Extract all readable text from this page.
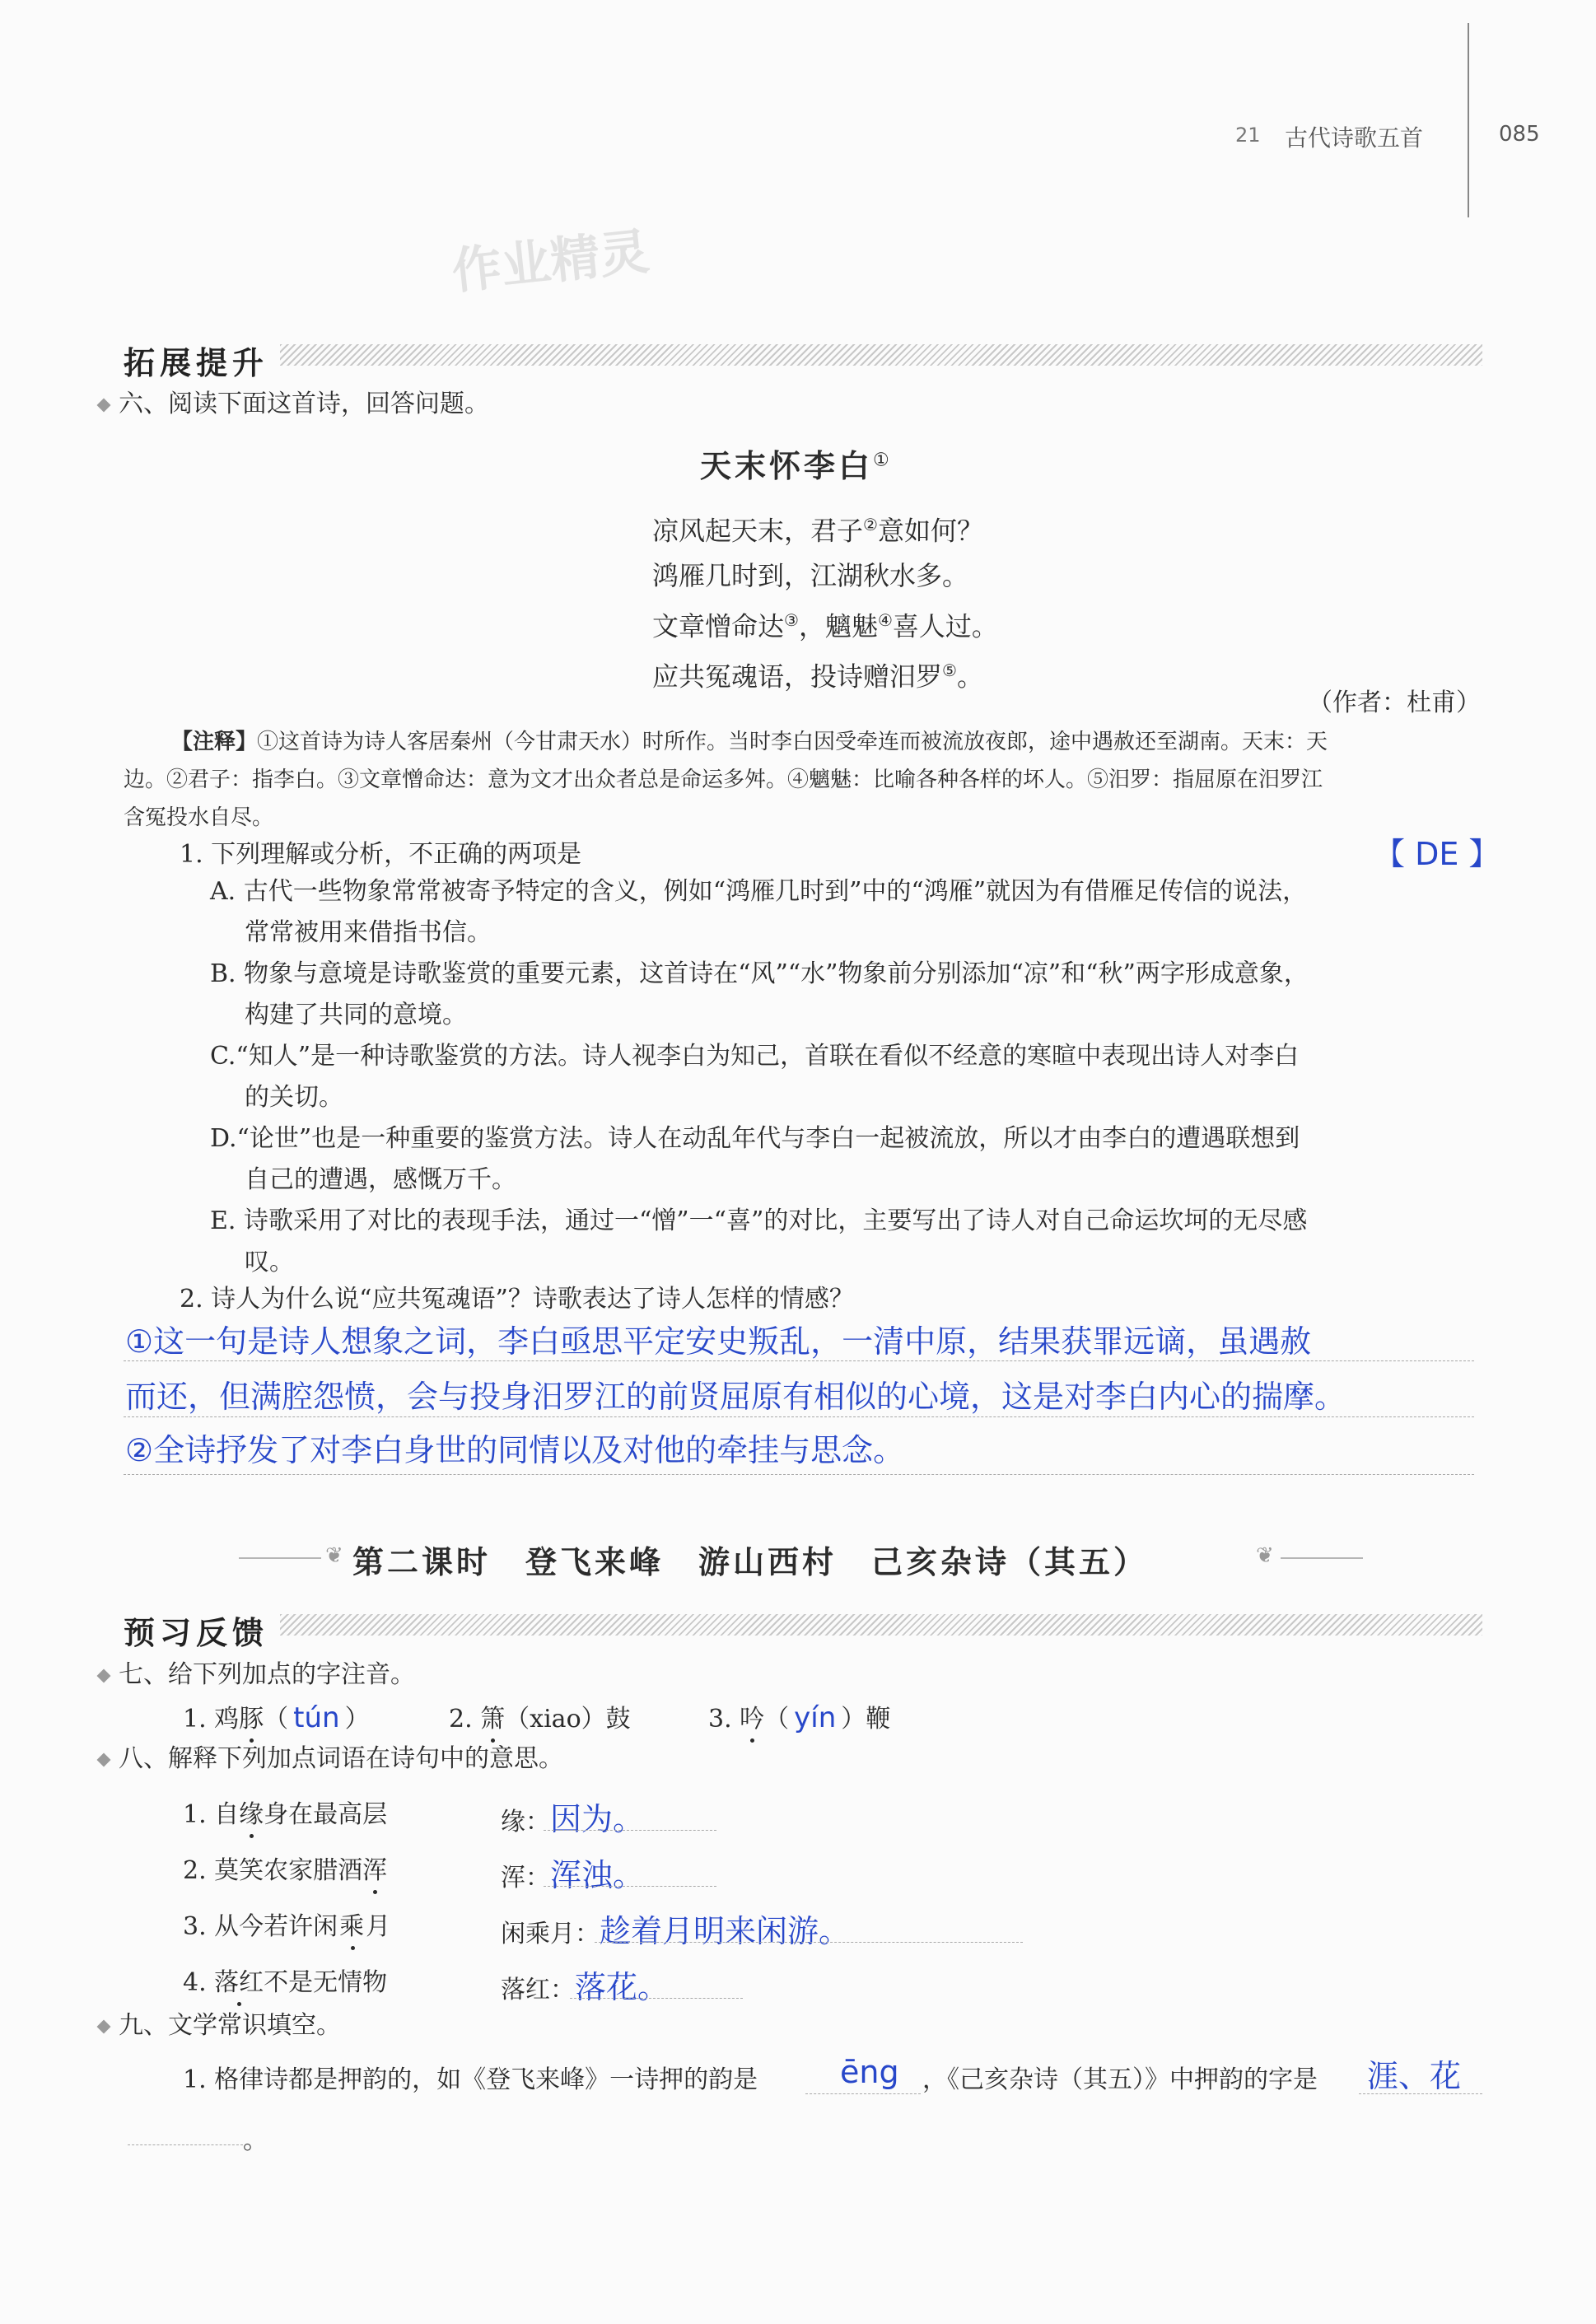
21 古代诗歌五首	085
作业精灵
拓展提升
六、阅读下面这首诗，回答问题。
天末怀李白①
凉风起天末，君子②意如何？
鸿雁几时到，江湖秋水多。
文章憎命达③，魑魅④喜人过。
应共冤魂语，投诗赠汨罗⑤。
（作者：杜甫）
【注释】①这首诗为诗人客居秦州（今甘肃天水）时所作。当时李白因受牵连而被流放夜郎，途中遇赦还至湖南。天末：天
边。②君子：指李白。③文章憎命达：意为文才出众者总是命运多舛。④魑魅：比喻各种各样的坏人。⑤汨罗：指屈原在汨罗江
含冤投水自尽。
1. 下列理解或分析，不正确的两项是	【 DE 】
A. 古代一些物象常常被寄予特定的含义，例如“鸿雁几时到”中的“鸿雁”就因为有借雁足传信的说法，
常常被用来借指书信。
B. 物象与意境是诗歌鉴赏的重要元素，这首诗在“风”“水”物象前分别添加“凉”和“秋”两字形成意象，
构建了共同的意境。
C.“知人”是一种诗歌鉴赏的方法。诗人视李白为知己，首联在看似不经意的寒暄中表现出诗人对李白
的关切。
D.“论世”也是一种重要的鉴赏方法。诗人在动乱年代与李白一起被流放，所以才由李白的遭遇联想到
自己的遭遇，感慨万千。
E. 诗歌采用了对比的表现手法，通过一“憎”一“喜”的对比，主要写出了诗人对自己命运坎坷的无尽感
叹。
2. 诗人为什么说“应共冤魂语”？诗歌表达了诗人怎样的情感？
①这一句是诗人想象之词，李白亟思平定安史叛乱，一清中原，结果获罪远谪，虽遇赦
而还，但满腔怨愤，会与投身汨罗江的前贤屈原有相似的心境，这是对李白内心的揣摩。
②全诗抒发了对李白身世的同情以及对他的牵挂与思念。
❦ 第二课时　登飞来峰　游山西村　己亥杂诗（其五）	❦
预习反馈
七、给下列加点的字注音。
1. 鸡豚（ tún ）	2. 箫（xiao）鼓	3. 吟（ yín ）鞭
八、解释下列加点词语在诗句中的意思。
1. 自缘身在最高层	缘：因为。
2. 莫笑农家腊酒浑	浑：浑浊。
3. 从今若许闲乘月	闲乘月：趁着月明来闲游。
4. 落红不是无情物	落红：落花。
九、文学常识填空。
1. 格律诗都是押韵的，如《登飞来峰》一诗押的韵是	ēng ，《己亥杂诗（其五）》中押韵的字是 涯、花
。
